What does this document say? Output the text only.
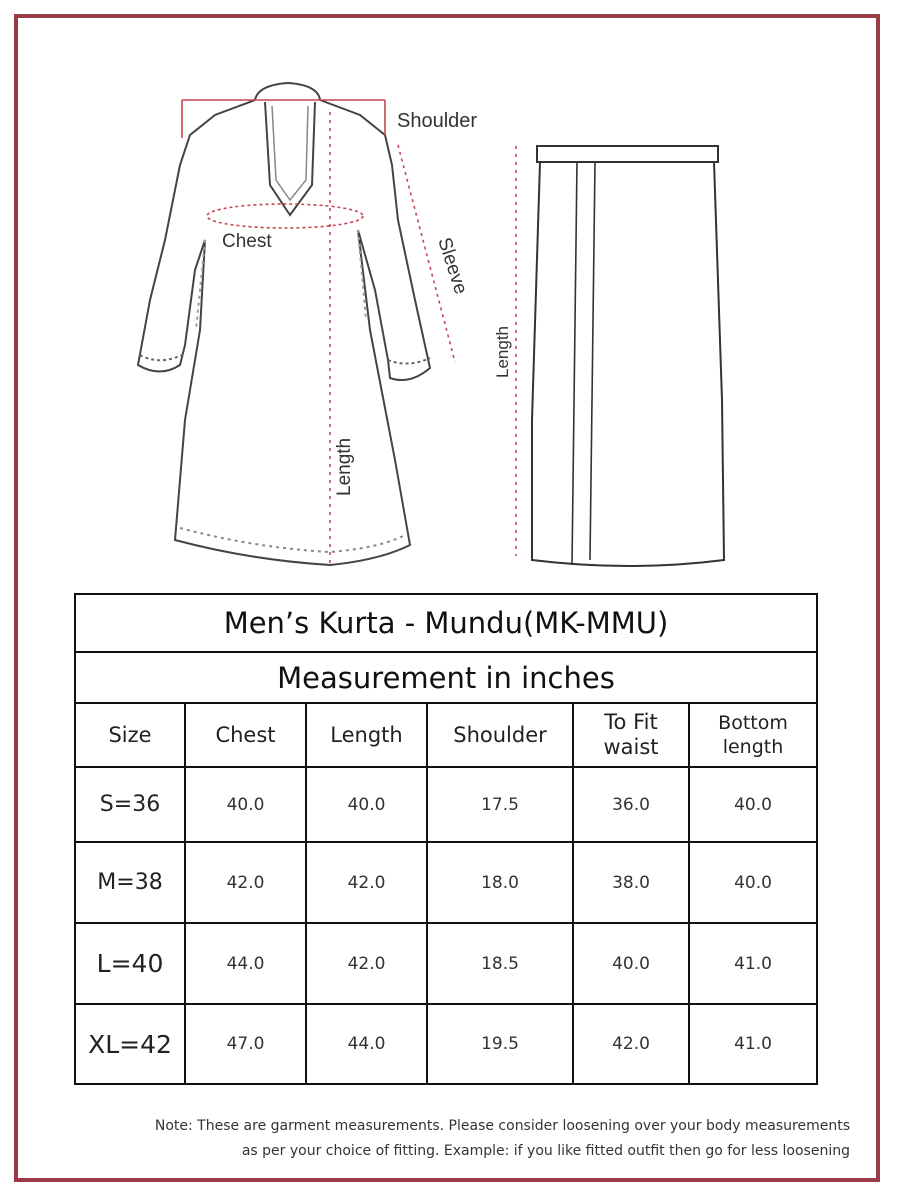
Shoulder
Chest	Sleeve
Length
Length
Men’s Kurta - Mundu(MK-MMU)					
Measurement in inches					
Size	Chest	Length	Shoulder	To Fit waist	Bottom length
S=36	40.0	40.0	17.5	36.0	40.0
M=38	42.0	42.0	18.0	38.0	40.0
L=40	44.0	42.0	18.5	40.0	41.0
XL=42	47.0	44.0	19.5	42.0	41.0
Note: These are garment measurements. Please consider loosening over your body measurements
as per your choice of fitting. Example: if you like fitted outfit then go for less loosening
